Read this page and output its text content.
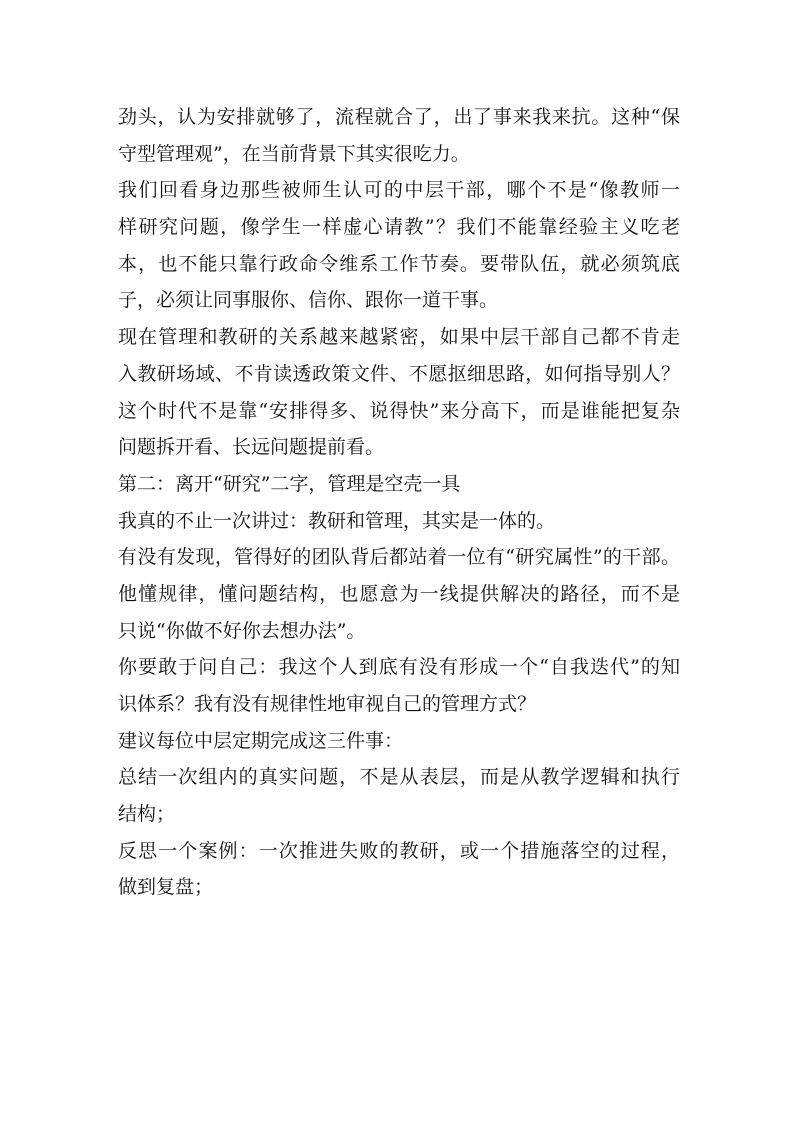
劲头，认为安排就够了，流程就合了，出了事来我来抗。这种“保

守型管理观”，在当前背景下其实很吃力。

我们回看身边那些被师生认可的中层干部，哪个不是“像教师一

样研究问题，像学生一样虚心请教”？我们不能靠经验主义吃老

本，也不能只靠行政命令维系工作节奏。要带队伍，就必须筑底

子，必须让同事服你、信你、跟你一道干事。

现在管理和教研的关系越来越紧密，如果中层干部自己都不肯走

入教研场域、不肯读透政策文件、不愿抠细思路，如何指导别人？

这个时代不是靠“安排得多、说得快”来分高下，而是谁能把复杂

问题拆开看、长远问题提前看。

第二：离开“研究”二字，管理是空壳一具

我真的不止一次讲过：教研和管理，其实是一体的。

有没有发现，管得好的团队背后都站着一位有“研究属性”的干部。

他懂规律，懂问题结构，也愿意为一线提供解决的路径，而不是

只说“你做不好你去想办法”。

你要敢于问自己：我这个人到底有没有形成一个“自我迭代”的知

识体系？我有没有规律性地审视自己的管理方式？

建议每位中层定期完成这三件事：

总结一次组内的真实问题，不是从表层，而是从教学逻辑和执行

结构；

反思一个案例：一次推进失败的教研，或一个措施落空的过程，

做到复盘；
